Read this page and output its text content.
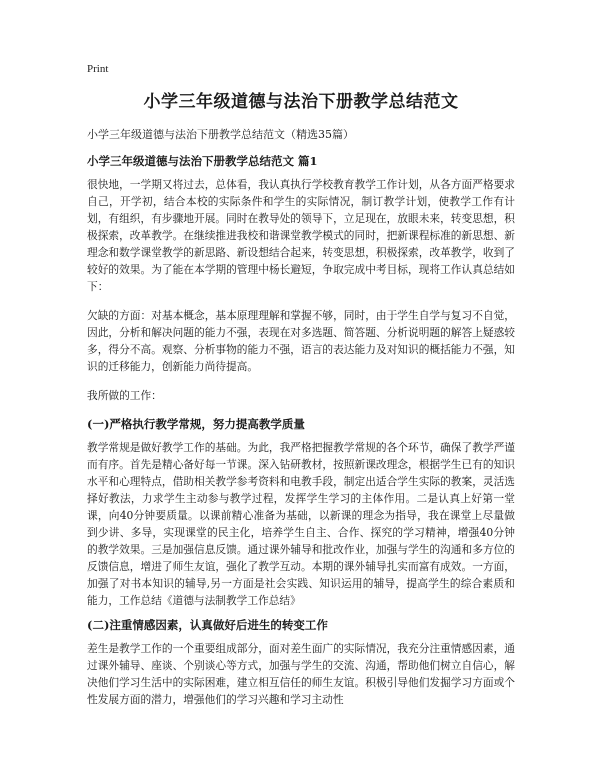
Print
小学三年级道德与法治下册教学总结范文

小学三年级道德与法治下册教学总结范文（精选35篇）

小学三年级道德与法治下册教学总结范文 篇1

很快地，一学期又将过去，总体看，我认真执行学校教育教学工作计划，从各方面严格要求自己，开学初，结合本校的实际条件和学生的实际情况，制订教学计划，使教学工作有计划，有组织，有步骤地开展。同时在教导处的领导下，立足现在，放眼未来，转变思想，积极探索，改革教学。在继续推进我校和谐课堂教学模式的同时，把新课程标准的新思想、新理念和数学课堂教学的新思路、新设想结合起来，转变思想，积极探索，改革教学，收到了较好的效果。为了能在本学期的管理中杨长避短，争取完成中考目标，现将工作认真总结如下：

欠缺的方面：对基本概念，基本原理理解和掌握不够，同时，由于学生自学与复习不自觉，因此，分析和解决问题的能力不强，表现在对多选题、简答题、分析说明题的解答上疑惑较多，得分不高。观察、分析事物的能力不强，语言的表达能力及对知识的概括能力不强，知识的迁移能力，创新能力尚待提高。

我所做的工作：

(一)严格执行教学常规，努力提高教学质量

教学常规是做好教学工作的基础。为此，我严格把握教学常规的各个环节，确保了教学严谨而有序。首先是精心备好每一节课。深入钻研教材，按照新课改理念，根据学生已有的知识水平和心理特点，借助相关教学参考资料和电教手段，制定出适合学生实际的教案，灵活选择好教法，力求学生主动参与教学过程，发挥学生学习的主体作用。二是认真上好第一堂课，向40分钟要质量。以课前精心准备为基础，以新课的理念为指导，我在课堂上尽量做到少讲、多导，实现课堂的民主化，培养学生自主、合作、探究的学习精神，增强40分钟的教学效果。三是加强信息反馈。通过课外辅导和批改作业，加强与学生的沟通和多方位的反馈信息，增进了师生友谊，强化了教学互动。本期的课外辅导扎实而富有成效。一方面，加强了对书本知识的辅导,另一方面是社会实践、知识运用的辅导，提高学生的综合素质和能力，工作总结《道德与法制教学工作总结》

(二)注重情感因素，认真做好后进生的转变工作

差生是教学工作的一个重要组成部分，面对差生面广的实际情况，我充分注重情感因素，通过课外辅导、座谈、个别谈心等方式，加强与学生的交流、沟通，帮助他们树立自信心，解决他们学习生活中的实际困难，建立相互信任的师生友谊。积极引导他们发掘学习方面或个性发展方面的潜力，增强他们的学习兴趣和学习主动性
